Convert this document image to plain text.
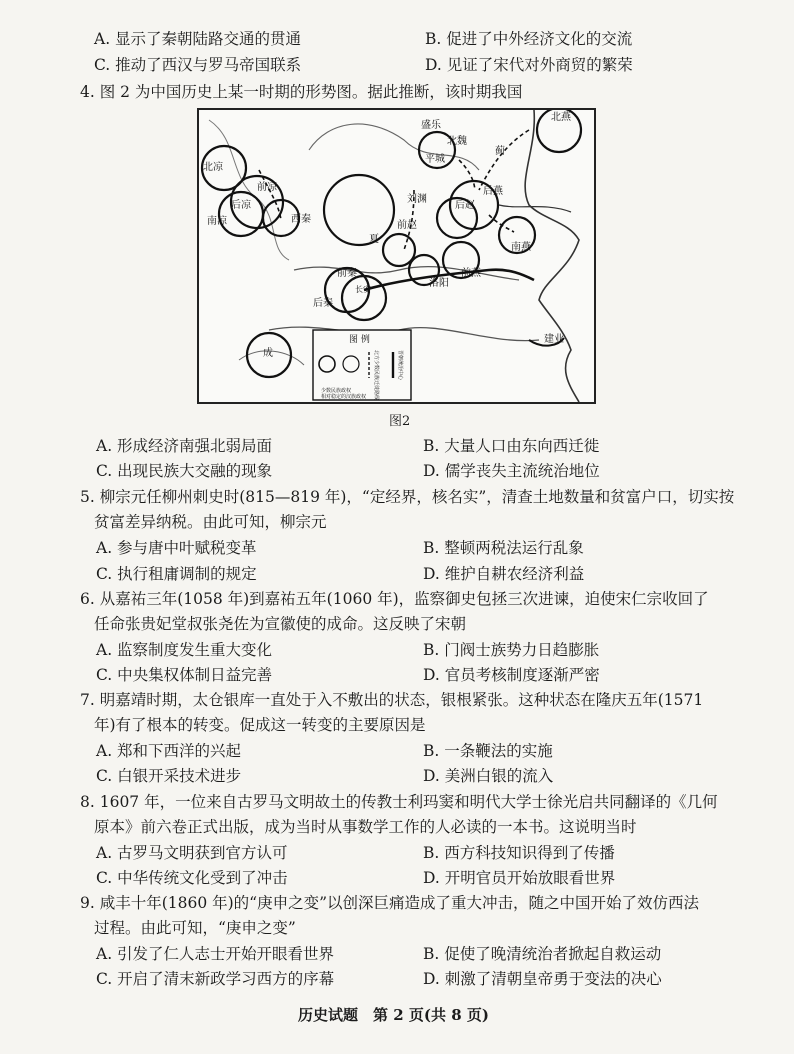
A. 显示了秦朝陆路交通的贯通	B. 促进了中外经济文化的交流
C. 推动了西汉与罗马帝国联系	D. 见证了宋代对外商贸的繁荣
4. 图 2 为中国历史上某一时期的形势图。据此推断，该时期我国
盛乐
北魏
平城
北燕
蓟
后燕
后赵
南燕
前燕
北凉
前凉
后凉
南凉	西秦
刘渊
前赵
夏
前秦
后秦
长安
洛阳
建业
成
图 例
少数民族政权
相对稳定的汉族政权 北方少数民族迁徙路线	晋朝统治中心
图2
A. 形成经济南强北弱局面	B. 大量人口由东向西迁徙
C. 出现民族大交融的现象	D. 儒学丧失主流统治地位
5. 柳宗元任柳州刺史时(815—819 年)，“定经界，核名实”，清查土地数量和贫富户口，切实按
贫富差异纳税。由此可知，柳宗元
A. 参与唐中叶赋税变革	B. 整顿两税法运行乱象
C. 执行租庸调制的规定	D. 维护自耕农经济利益
6. 从嘉祐三年(1058 年)到嘉祐五年(1060 年)，监察御史包拯三次进谏，迫使宋仁宗收回了
任命张贵妃堂叔张尧佐为宣徽使的成命。这反映了宋朝
A. 监察制度发生重大变化	B. 门阀士族势力日趋膨胀
C. 中央集权体制日益完善	D. 官员考核制度逐渐严密
7. 明嘉靖时期，太仓银库一直处于入不敷出的状态，银根紧张。这种状态在隆庆五年(1571
年)有了根本的转变。促成这一转变的主要原因是
A. 郑和下西洋的兴起	B. 一条鞭法的实施
C. 白银开采技术进步	D. 美洲白银的流入
8. 1607 年，一位来自古罗马文明故土的传教士利玛窦和明代大学士徐光启共同翻译的《几何
原本》前六卷正式出版，成为当时从事数学工作的人必读的一本书。这说明当时
A. 古罗马文明获到官方认可	B. 西方科技知识得到了传播
C. 中华传统文化受到了冲击	D. 开明官员开始放眼看世界
9. 咸丰十年(1860 年)的“庚申之变”以创深巨痛造成了重大冲击，随之中国开始了效仿西法
过程。由此可知，“庚申之变”
A. 引发了仁人志士开始开眼看世界	B. 促使了晚清统治者掀起自救运动
C. 开启了清末新政学习西方的序幕	D. 刺激了清朝皇帝勇于变法的决心
历史试题　第 2 页(共 8 页)
